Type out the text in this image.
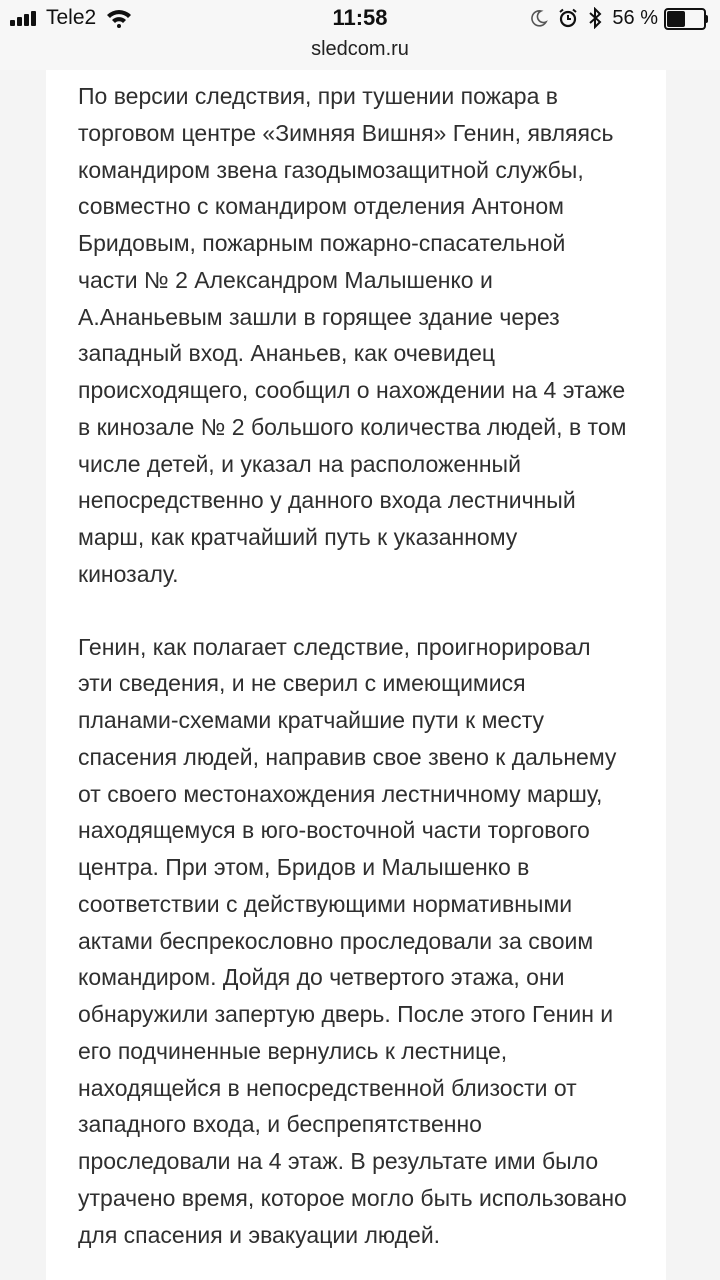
Tele2	11:58	56 %
sledcom.ru

По версии следствия, при тушении пожара в
торговом центре «Зимняя Вишня» Генин, являясь
командиром звена газодымозащитной службы,
совместно с командиром отделения Антоном
Бридовым, пожарным пожарно-спасательной
части № 2 Александром Малышенко и
А.Ананьевым зашли в горящее здание через
западный вход. Ананьев, как очевидец
происходящего, сообщил о нахождении на 4 этаже
в кинозале № 2 большого количества людей, в том
числе детей, и указал на расположенный
непосредственно у данного входа лестничный
марш, как кратчайший путь к указанному
кинозалу.

Генин, как полагает следствие, проигнорировал
эти сведения, и не сверил с имеющимися
планами-схемами кратчайшие пути к месту
спасения людей, направив свое звено к дальнему
от своего местонахождения лестничному маршу,
находящемуся в юго-восточной части торгового
центра. При этом, Бридов и Малышенко в
соответствии с действующими нормативными
актами беспрекословно проследовали за своим
командиром. Дойдя до четвертого этажа, они
обнаружили запертую дверь. После этого Генин и
его подчиненные вернулись к лестнице,
находящейся в непосредственной близости от
западного входа, и беспрепятственно
проследовали на 4 этаж. В результате ими было
утрачено время, которое могло быть использовано
для спасения и эвакуации людей.
